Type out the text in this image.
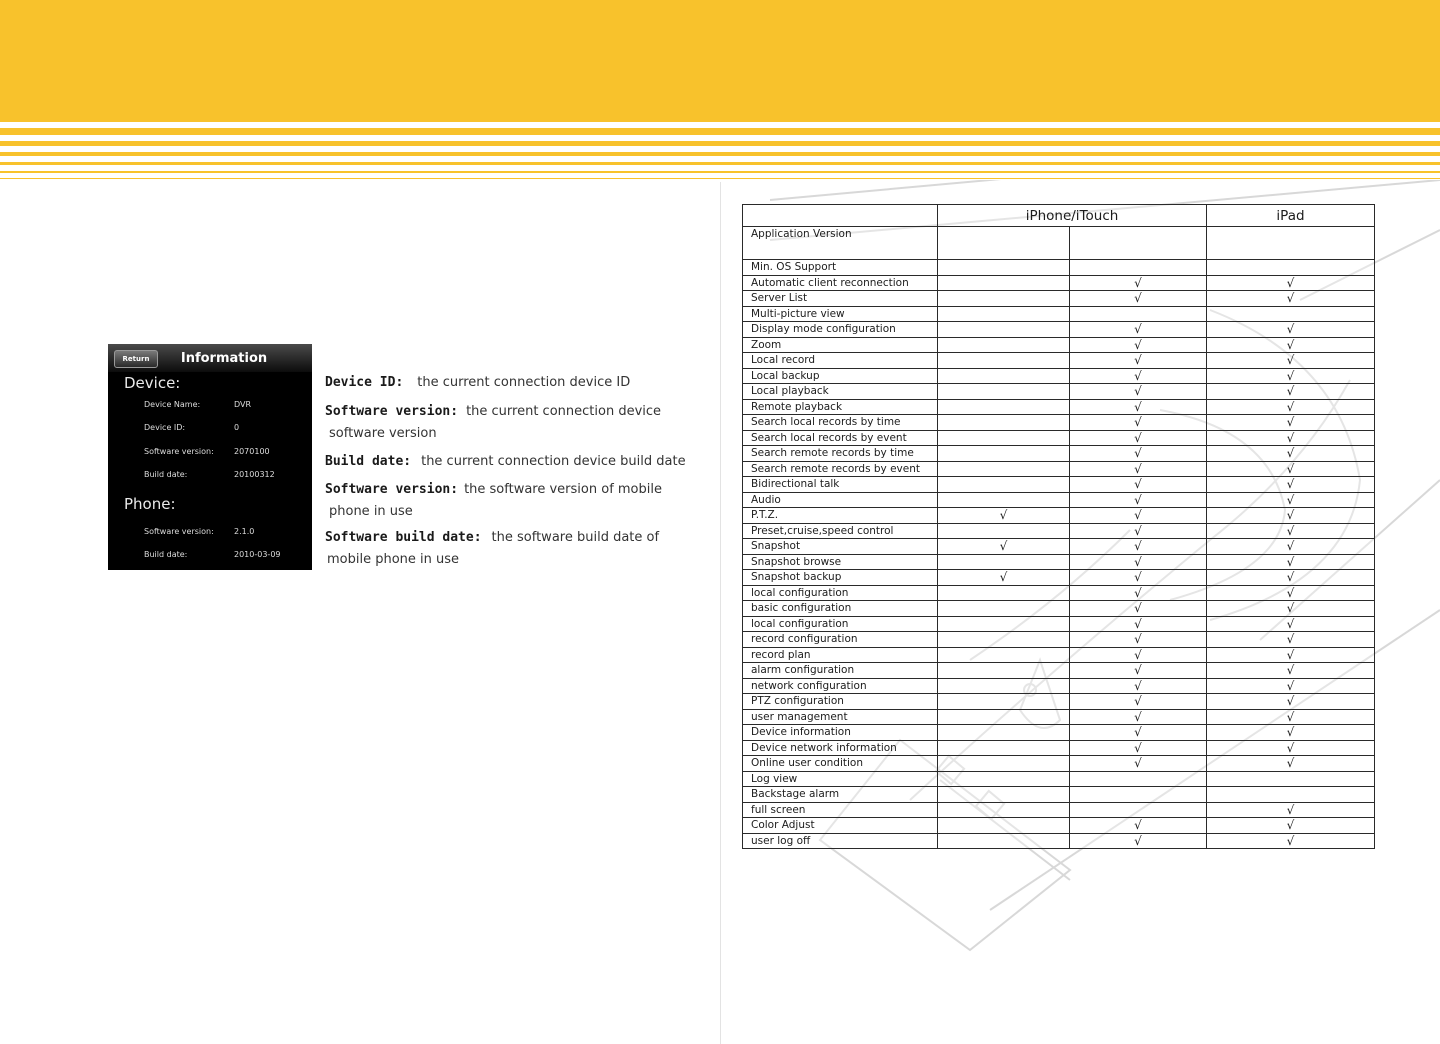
Return	Information
Device:
Device Name:	DVR
Device ID:	0
Software version:	2070100
Build date:	20100312
Phone:
Software version:	2.1.0
Build date:	2010-03-09
Device ID: the current connection device ID
Software version: the current connection device
software version
Build date: the current connection device build date
Software version: the software version of mobile
phone in use
Software build date: the software build date of
mobile phone in use
	iPhone/iTouch		iPad
Application Version			
Min. OS Support			
Automatic client reconnection		√	√
Server List		√	√
Multi-picture view			
Display mode configuration		√	√
Zoom		√	√
Local record		√	√
Local backup		√	√
Local playback		√	√
Remote playback		√	√
Search local records by time		√	√
Search local records by event		√	√
Search remote records by time		√	√
Search remote records by event		√	√
Bidirectional talk		√	√
Audio		√	√
P.T.Z.	√	√	√
Preset,cruise,speed control		√	√
Snapshot	√	√	√
Snapshot browse		√	√
Snapshot backup	√	√	√
local configuration		√	√
basic configuration		√	√
local configuration		√	√
record configuration		√	√
record plan		√	√
alarm configuration		√	√
network configuration		√	√
PTZ configuration		√	√
user management		√	√
Device information		√	√
Device network information		√	√
Online user condition		√	√
Log view			
Backstage alarm			
full screen			√
Color Adjust		√	√
user log off		√	√
